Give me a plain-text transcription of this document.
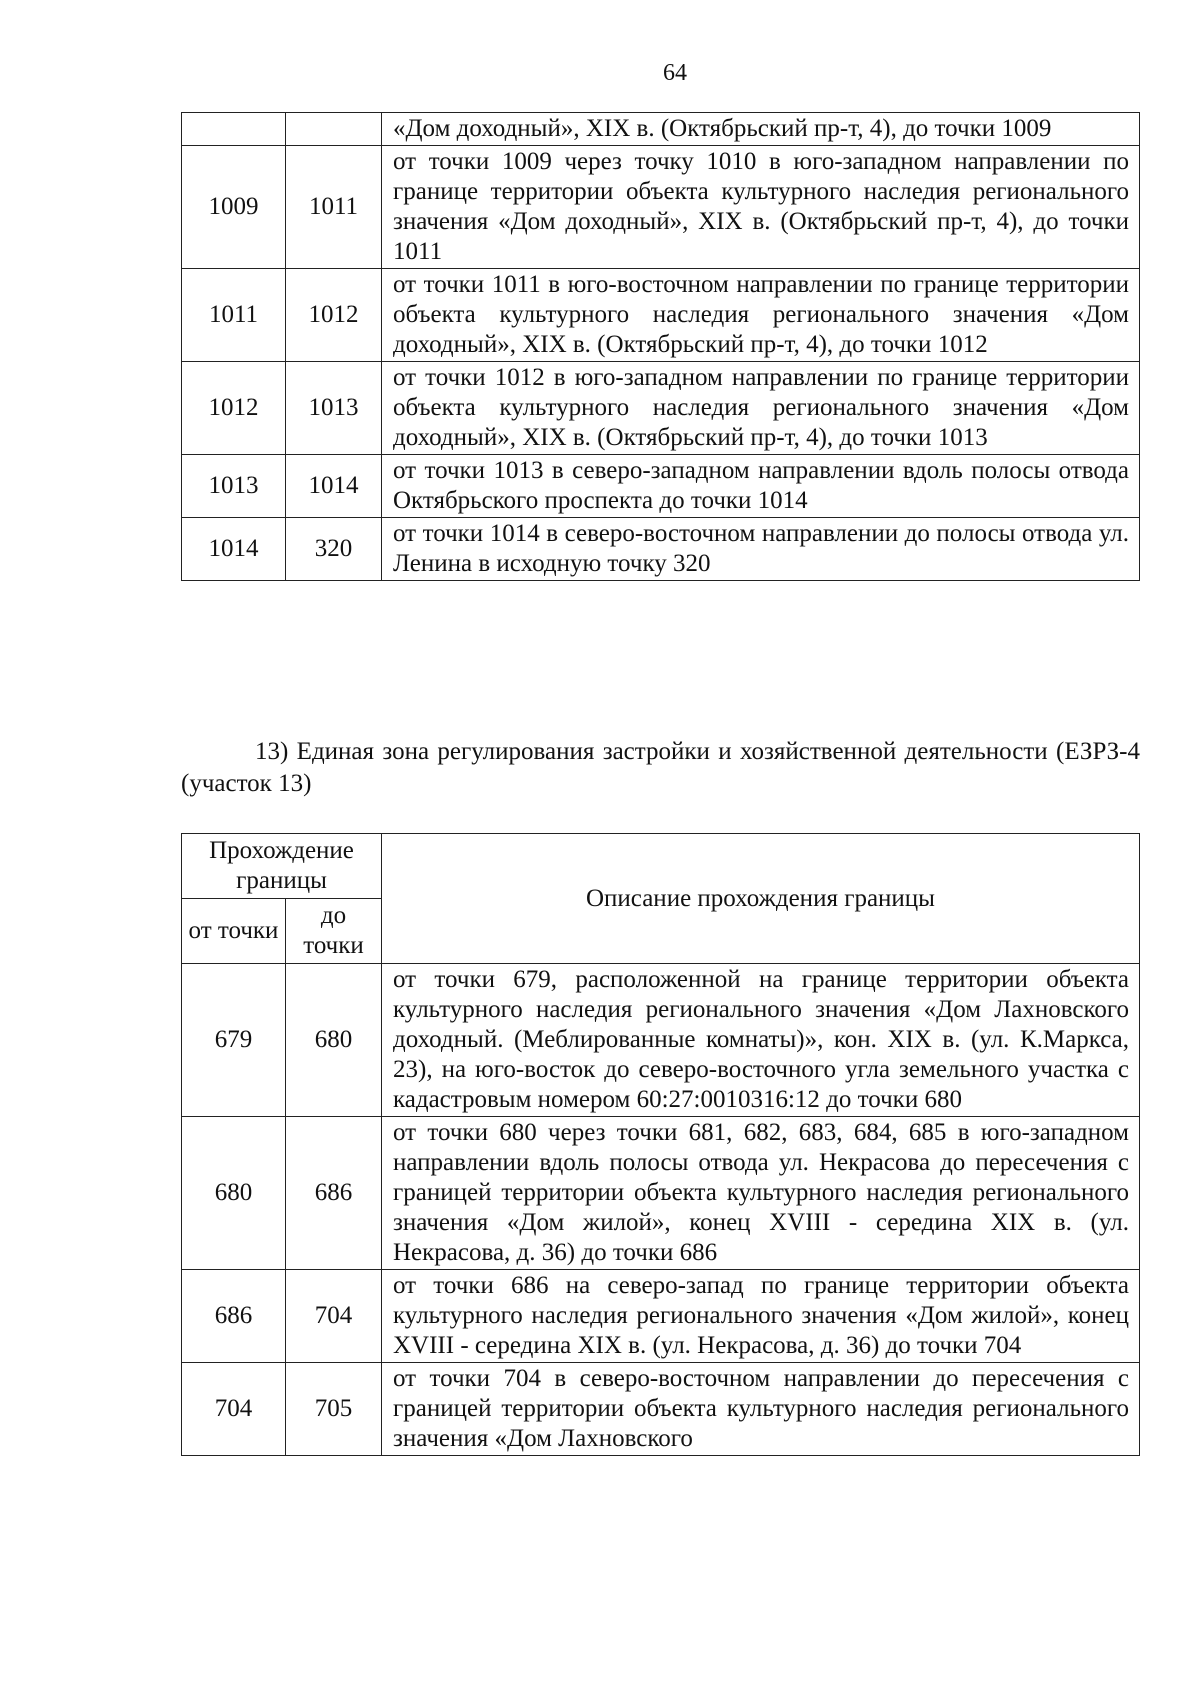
64
		«Дом доходный», XIX в. (Октябрьский пр-т, 4), до точки 1009
1009	1011	от точки 1009 через точку 1010 в юго-западном направлении по границе территории объекта культурного наследия регионального значения «Дом доходный», XIX в. (Октябрьский пр-т, 4), до точки 1011
1011	1012	от точки 1011 в юго-восточном направлении по границе территории объекта культурного наследия регионального значения «Дом доходный», XIX в. (Октябрьский пр-т, 4), до точки 1012
1012	1013	от точки 1012 в юго-западном направлении по границе территории объекта культурного наследия регионального значения «Дом доходный», XIX в. (Октябрьский пр-т, 4), до точки 1013
1013	1014	от точки 1013 в северо-западном направлении вдоль полосы отвода Октябрьского проспекта до точки 1014
1014	320	от точки 1014 в северо-восточном направлении до полосы отвода ул. Ленина в исходную точку 320
13) Единая зона регулирования застройки и хозяйственной деятельности (ЕЗРЗ-4 (участок 13)
Прохождение границы		Описание прохождения границы
от точки	до точки	
679	680	от точки 679, расположенной на границе территории объекта культурного наследия регионального значения «Дом Лахновского доходный. (Меблированные комнаты)», кон. XIX в. (ул. К.Маркса, 23), на юго-восток до северо-восточного угла земельного участка с кадастровым номером 60:27:0010316:12 до точки 680
680	686	от точки 680 через точки 681, 682, 683, 684, 685 в юго-западном направлении вдоль полосы отвода ул. Некрасова до пересечения с границей территории объекта культурного наследия регионального значения «Дом жилой», конец XVIII - середина XIX в. (ул. Некрасова, д. 36) до точки 686
686	704	от точки 686 на северо-запад по границе территории объекта культурного наследия регионального значения «Дом жилой», конец XVIII - середина XIX в. (ул. Некрасова, д. 36) до точки 704
704	705	от точки 704 в северо-восточном направлении до пересечения с границей территории объекта культурного наследия регионального значения «Дом Лахновского
